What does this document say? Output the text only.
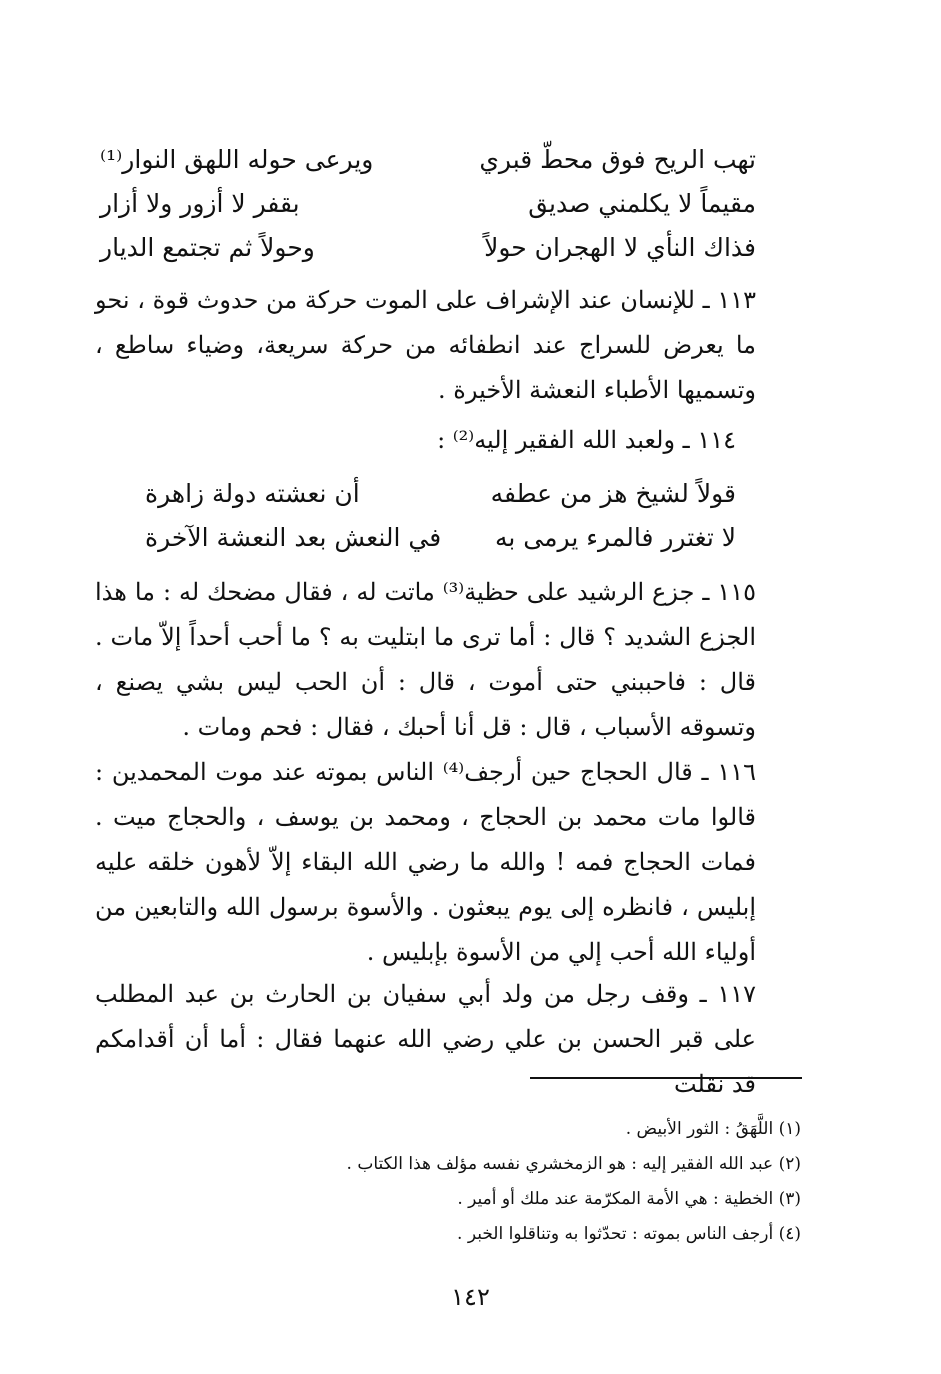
تهب الريح فوق محطّ قبري
ويرعى حوله اللهق النوار⁽¹⁾
مقيماً لا يكلمني صديق
بقفر لا أزور ولا أزار
فذاك النأي لا الهجران حولاً
وحولاً ثم تجتمع الديار
١١٣ ـ للإنسان عند الإشراف على الموت حركة من حدوث قوة ، نحو ما يعرض للسراج عند انطفائه من حركة سريعة، وضياء ساطع ، وتسميها الأطباء النعشة الأخيرة .
١١٤ ـ ولعبد الله الفقير إليه⁽²⁾ :
قولاً لشيخ هز من عطفه
أن نعشته دولة زاهرة
لا تغترر فالمرء يرمى به
في النعش بعد النعشة الآخرة
١١٥ ـ جزع الرشيد على حظية⁽³⁾ ماتت له ، فقال مضحك له : ما هذا الجزع الشديد ؟ قال : أما ترى ما ابتليت به ؟ ما أحب أحداً إلاّ مات . قال : فاحببني حتى أموت ، قال : أن الحب ليس بشي يصنع ، وتسوقه الأسباب ، قال : قل أنا أحبك ، فقال : فحم ومات .
١١٦ ـ قال الحجاج حين أرجف⁽⁴⁾ الناس بموته عند موت المحمدين : قالوا مات محمد بن الحجاج ، ومحمد بن يوسف ، والحجاج ميت . فمات الحجاج فمه ! والله ما رضي الله البقاء إلاّ لأهون خلقه عليه إبليس ، فانظره إلى يوم يبعثون . والأسوة برسول الله والتابعين من أولياء الله أحب إلي من الأسوة بإبليس .
١١٧ ـ وقف رجل من ولد أبي سفيان بن الحارث بن عبد المطلب على قبر الحسن بن علي رضي الله عنهما فقال : أما أن أقدامكم قد نقلت
(١) اللَّهَقُ : الثور الأبيض .
(٢) عبد الله الفقير إليه : هو الزمخشري نفسه مؤلف هذا الكتاب .
(٣) الخطية : هي الأمة المكرّمة عند ملك أو أمير .
(٤) أرجف الناس بموته : تحدّثوا به وتناقلوا الخبر .
١٤٢
